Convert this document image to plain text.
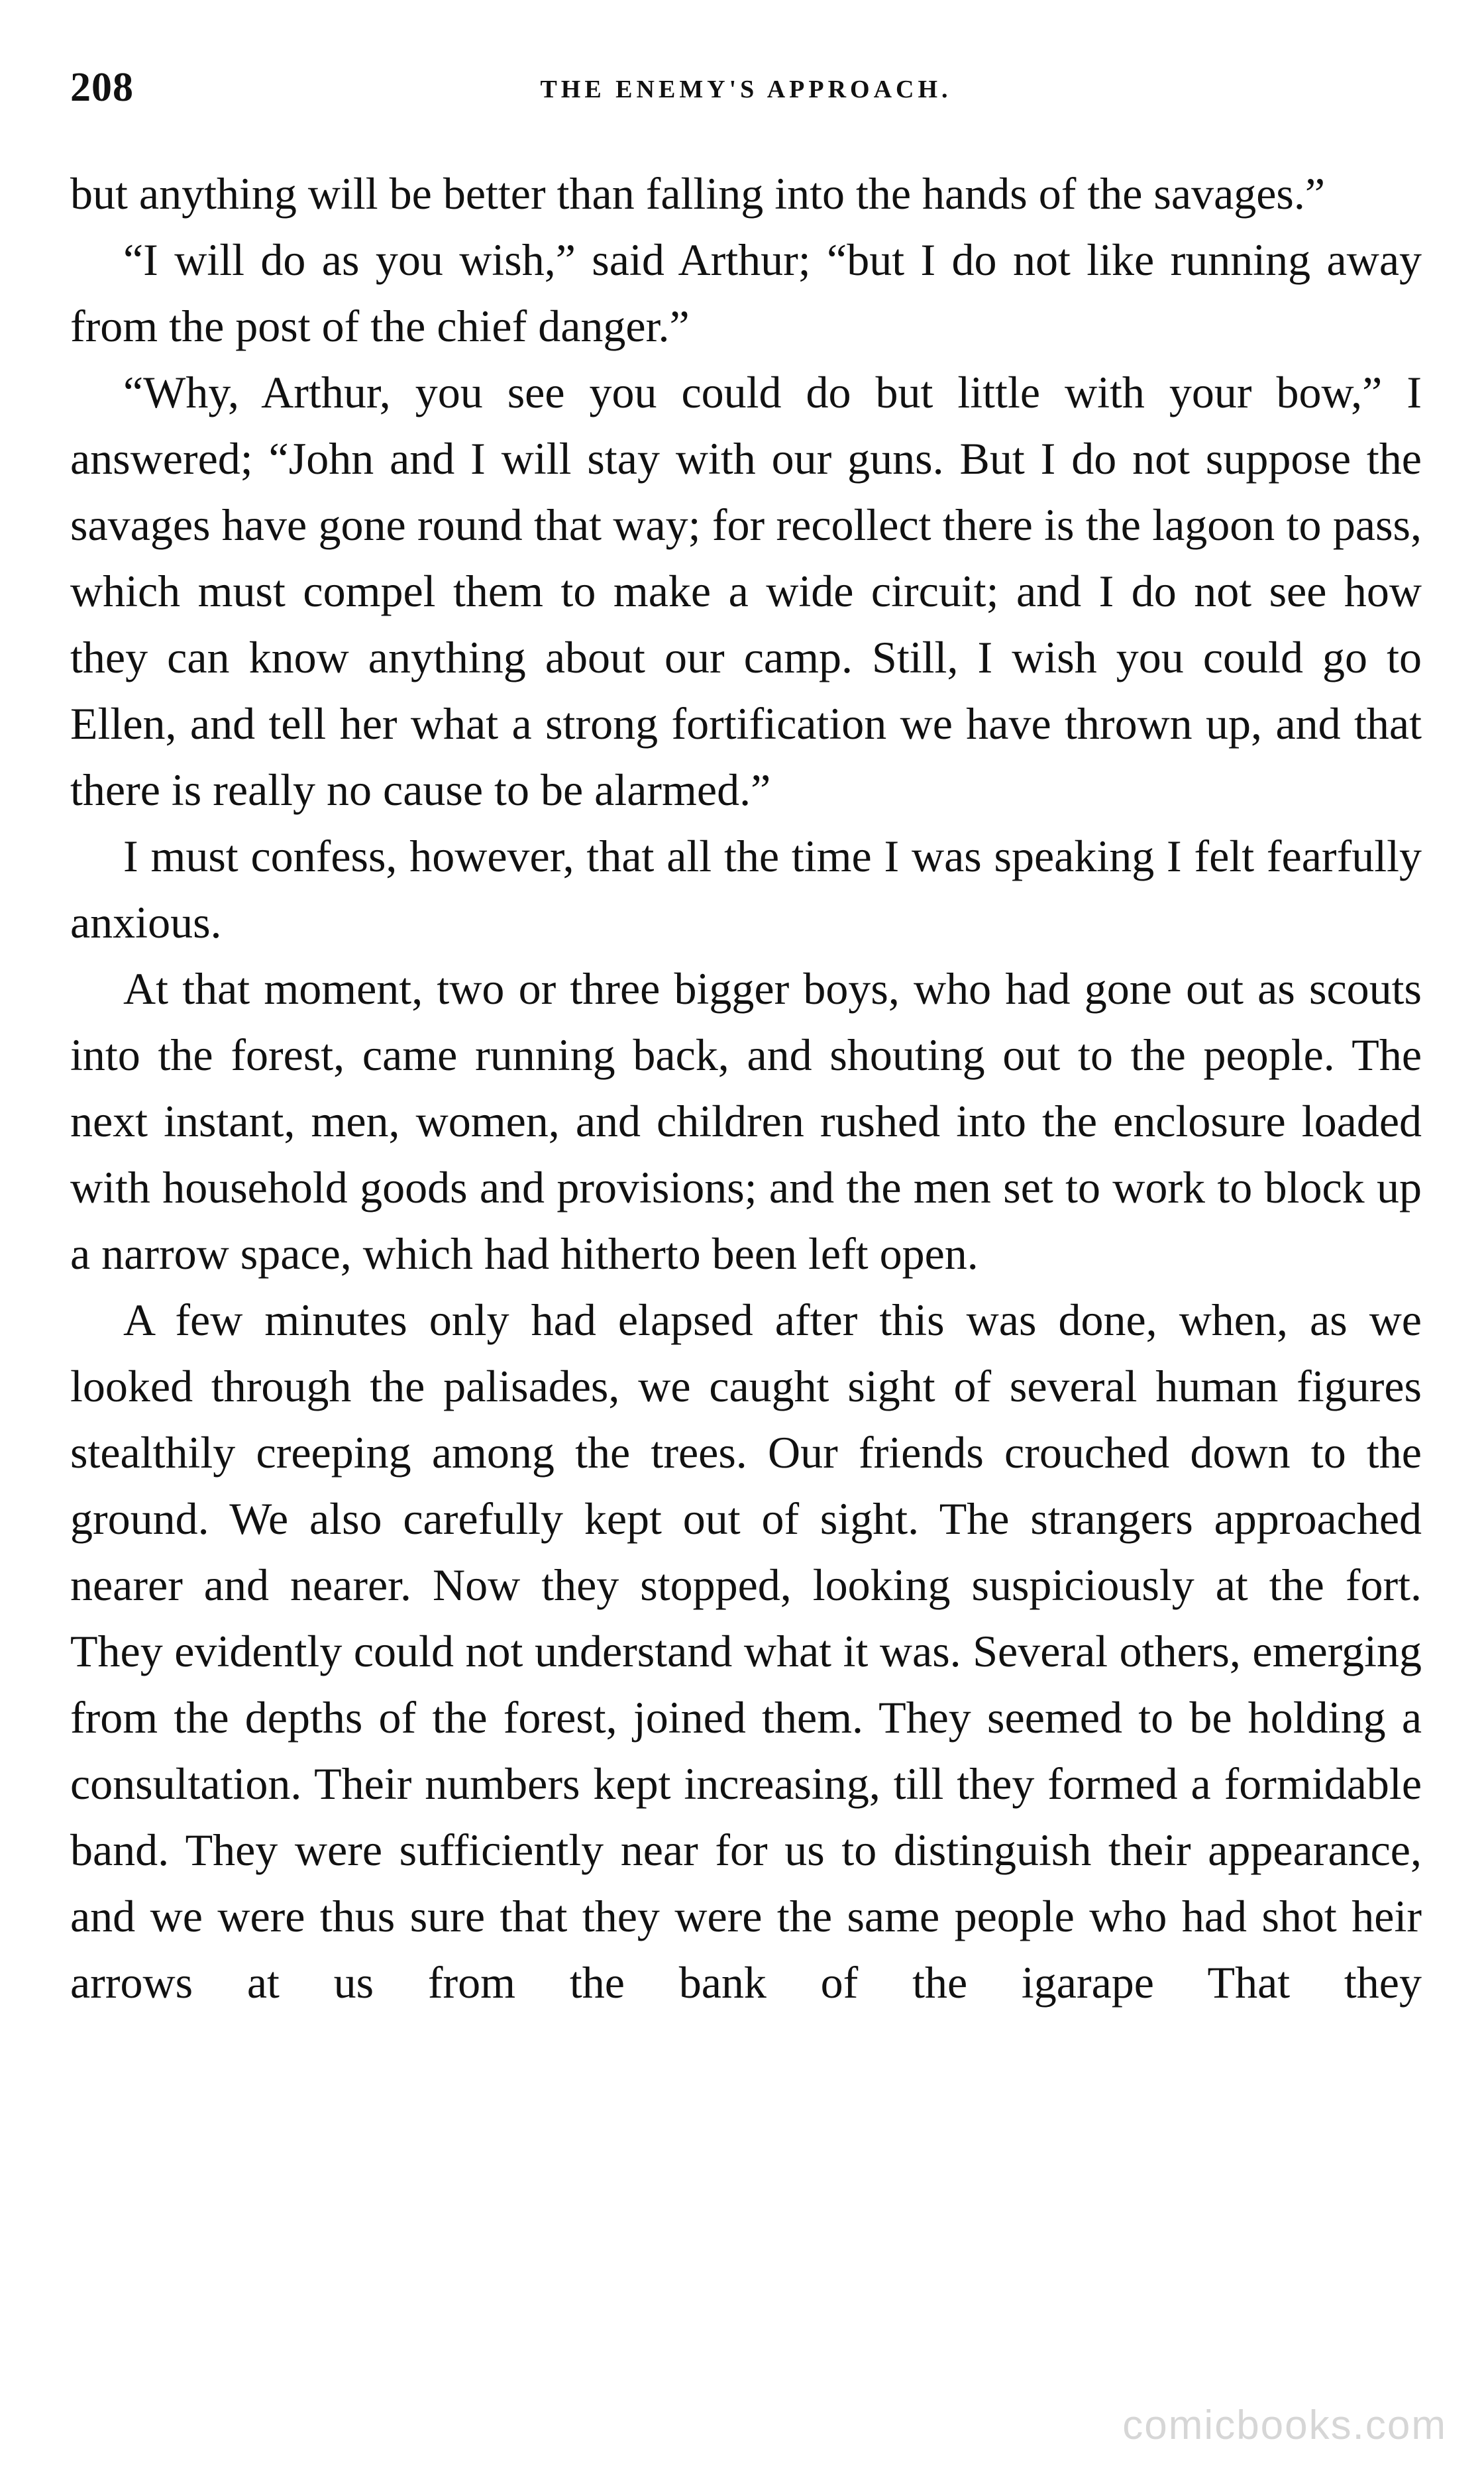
208	THE ENEMY'S APPROACH.

but anything will be better than falling into the hands of the savages.”

“I will do as you wish,” said Arthur; “but I do not like running away from the post of the chief danger.”

“Why, Arthur, you see you could do but little with your bow,” I answered; “John and I will stay with our guns. But I do not suppose the savages have gone round that way; for recollect there is the lagoon to pass, which must compel them to make a wide circuit; and I do not see how they can know anything about our camp. Still, I wish you could go to Ellen, and tell her what a strong fortification we have thrown up, and that there is really no cause to be alarmed.”

I must confess, however, that all the time I was speaking I felt fearfully anxious.

At that moment, two or three bigger boys, who had gone out as scouts into the forest, came running back, and shouting out to the people. The next instant, men, women, and children rushed into the enclosure loaded with household goods and provisions; and the men set to work to block up a narrow space, which had hitherto been left open.

A few minutes only had elapsed after this was done, when, as we looked through the palisades, we caught sight of several human figures stealthily creeping among the trees. Our friends crouched down to the ground. We also carefully kept out of sight. The strangers approached nearer and nearer. Now they stopped, looking suspiciously at the fort. They evidently could not understand what it was. Several others, emerging from the depths of the forest, joined them. They seemed to be holding a consultation. Their numbers kept increasing, till they formed a formidable band. They were sufficiently near for us to distinguish their appearance, and we were thus sure that they were the same people who had shot heir arrows at us from the bank of the igarape That they

comicbooks.com
